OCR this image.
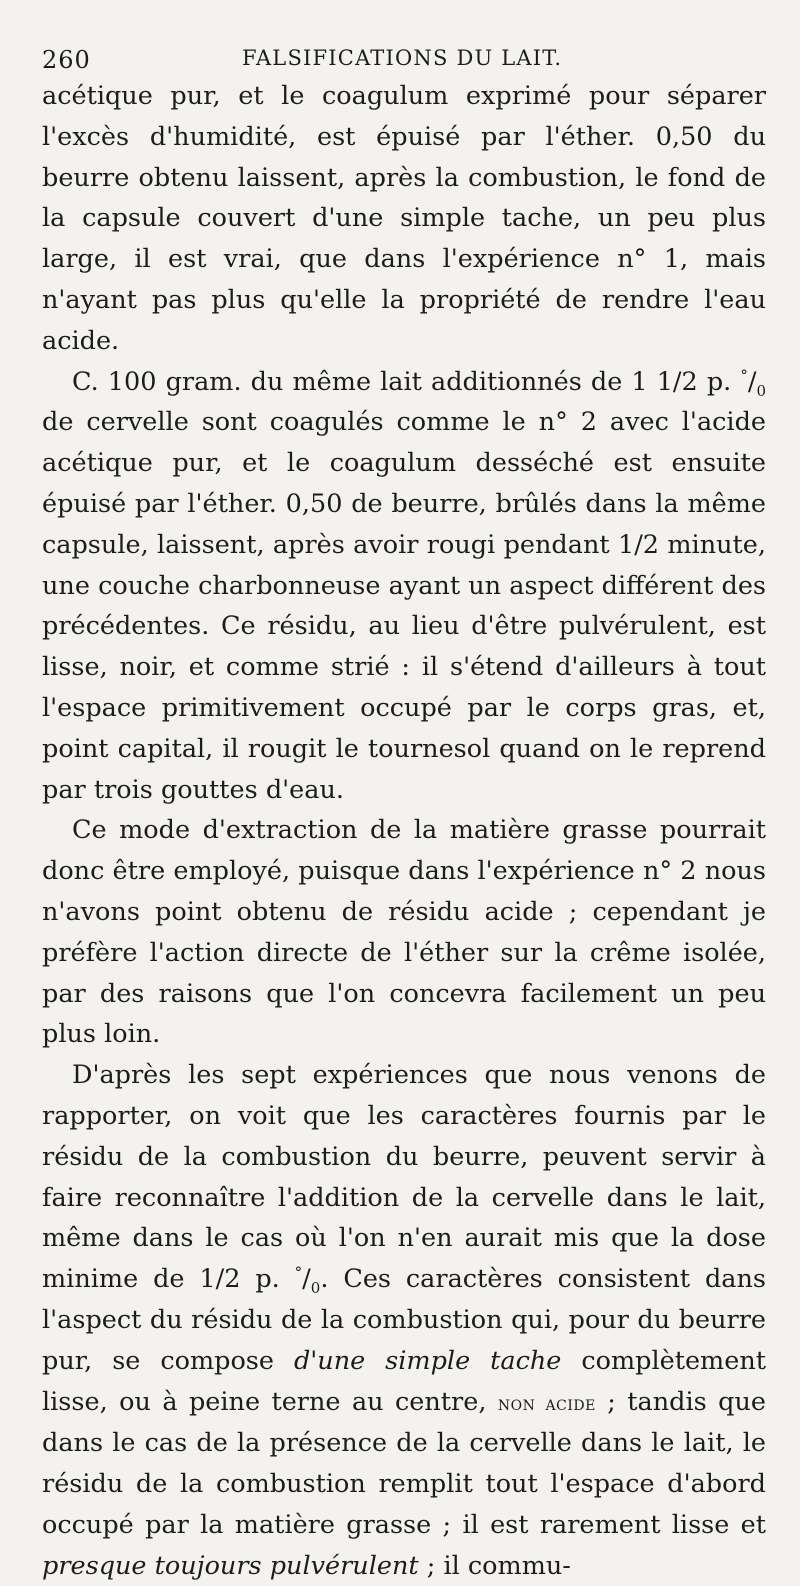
260	FALSIFICATIONS DU LAIT.

acétique pur, et le coagulum exprimé pour séparer l'excès d'humidité, est épuisé par l'éther. 0,50 du beurre obtenu laissent, après la combustion, le fond de la capsule couvert d'une simple tache, un peu plus large, il est vrai, que dans l'expérience n° 1, mais n'ayant pas plus qu'elle la propriété de rendre l'eau acide.

C. 100 gram. du même lait additionnés de 1 1/2 p. $^\circ/_0$ de cervelle sont coagulés comme le n° 2 avec l'acide acétique pur, et le coagulum desséché est ensuite épuisé par l'éther. 0,50 de beurre, brûlés dans la même capsule, laissent, après avoir rougi pendant 1/2 minute, une couche charbonneuse ayant un aspect différent des précédentes. Ce résidu, au lieu d'être pulvérulent, est lisse, noir, et comme strié : il s'étend d'ailleurs à tout l'espace primitivement occupé par le corps gras, et, point capital, il rougit le tournesol quand on le reprend par trois gouttes d'eau.

Ce mode d'extraction de la matière grasse pourrait donc être employé, puisque dans l'expérience n° 2 nous n'avons point obtenu de résidu acide ; cependant je préfère l'action directe de l'éther sur la crême isolée, par des raisons que l'on concevra facilement un peu plus loin.

D'après les sept expériences que nous venons de rapporter, on voit que les caractères fournis par le résidu de la combustion du beurre, peuvent servir à faire reconnaître l'addition de la cervelle dans le lait, même dans le cas où l'on n'en aurait mis que la dose minime de 1/2 p. $^\circ/_0$. Ces caractères consistent dans l'aspect du résidu de la combustion qui, pour du beurre pur, se compose d'une simple tache complètement lisse, ou à peine terne au centre, non acide ; tandis que dans le cas de la présence de la cervelle dans le lait, le résidu de la combustion remplit tout l'espace d'abord occupé par la matière grasse ; il est rarement lisse et presque toujours pulvérulent ; il commu-
